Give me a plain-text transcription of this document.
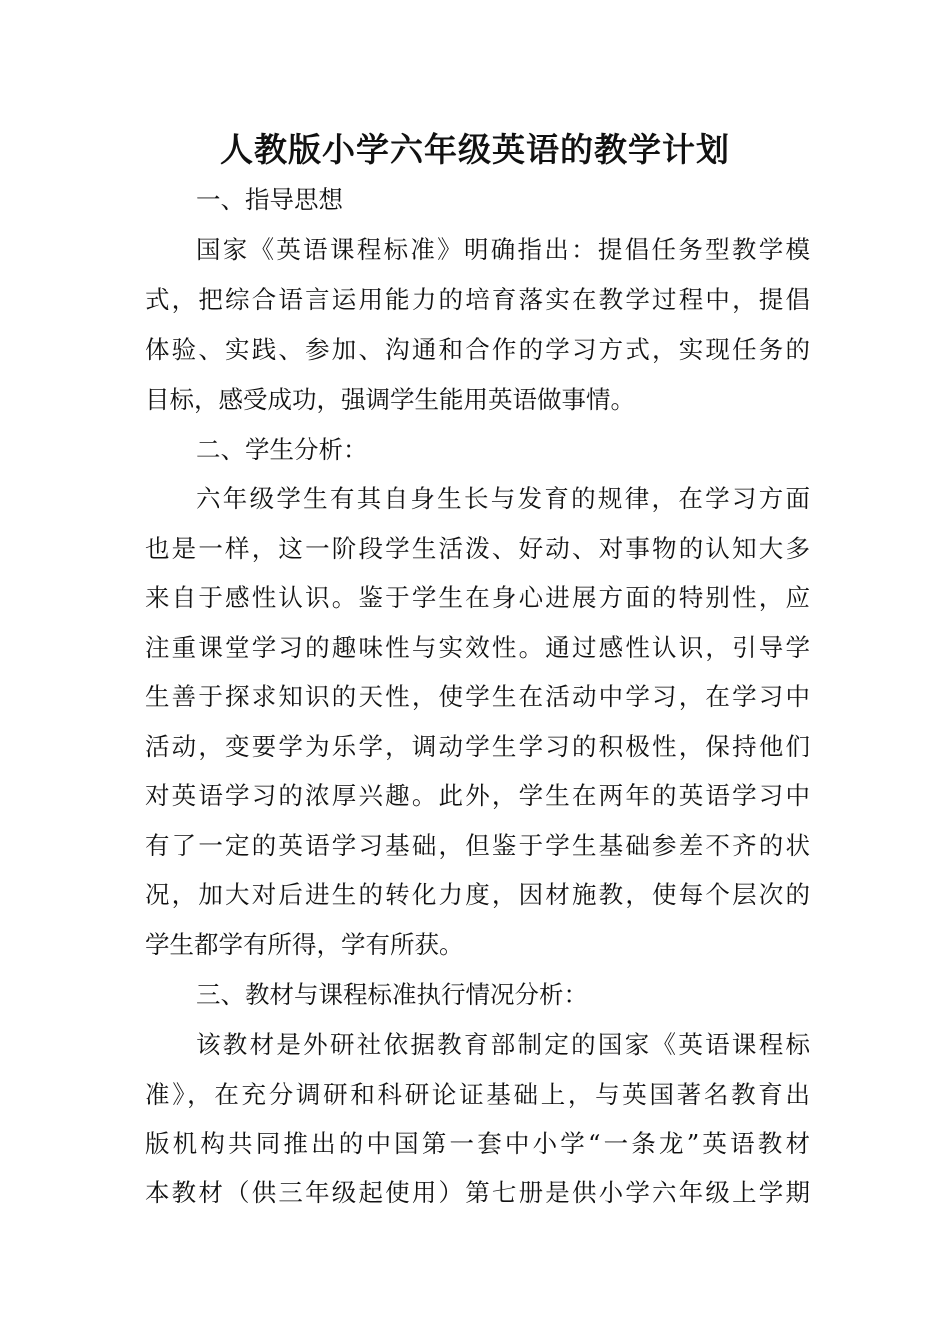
人教版小学六年级英语的教学计划
一、指导思想
国家《英语课程标准》明确指出：提倡任务型教学模
式，把综合语言运用能力的培育落实在教学过程中，提倡
体验、实践、参加、沟通和合作的学习方式，实现任务的
目标，感受成功，强调学生能用英语做事情。
二、学生分析：
六年级学生有其自身生长与发育的规律，在学习方面
也是一样，这一阶段学生活泼、好动、对事物的认知大多
来自于感性认识。鉴于学生在身心进展方面的特别性，应
注重课堂学习的趣味性与实效性。通过感性认识，引导学
生善于探求知识的天性，使学生在活动中学习，在学习中
活动，变要学为乐学，调动学生学习的积极性，保持他们
对英语学习的浓厚兴趣。此外，学生在两年的英语学习中
有了一定的英语学习基础，但鉴于学生基础参差不齐的状
况，加大对后进生的转化力度，因材施教，使每个层次的
学生都学有所得，学有所获。
三、教材与课程标准执行情况分析：
该教材是外研社依据教育部制定的国家《英语课程标
准》，在充分调研和科研论证基础上，与英国著名教育出
版机构共同推出的中国第一套中小学“一条龙”英语教材
本教材（供三年级起使用）第七册是供小学六年级上学期
